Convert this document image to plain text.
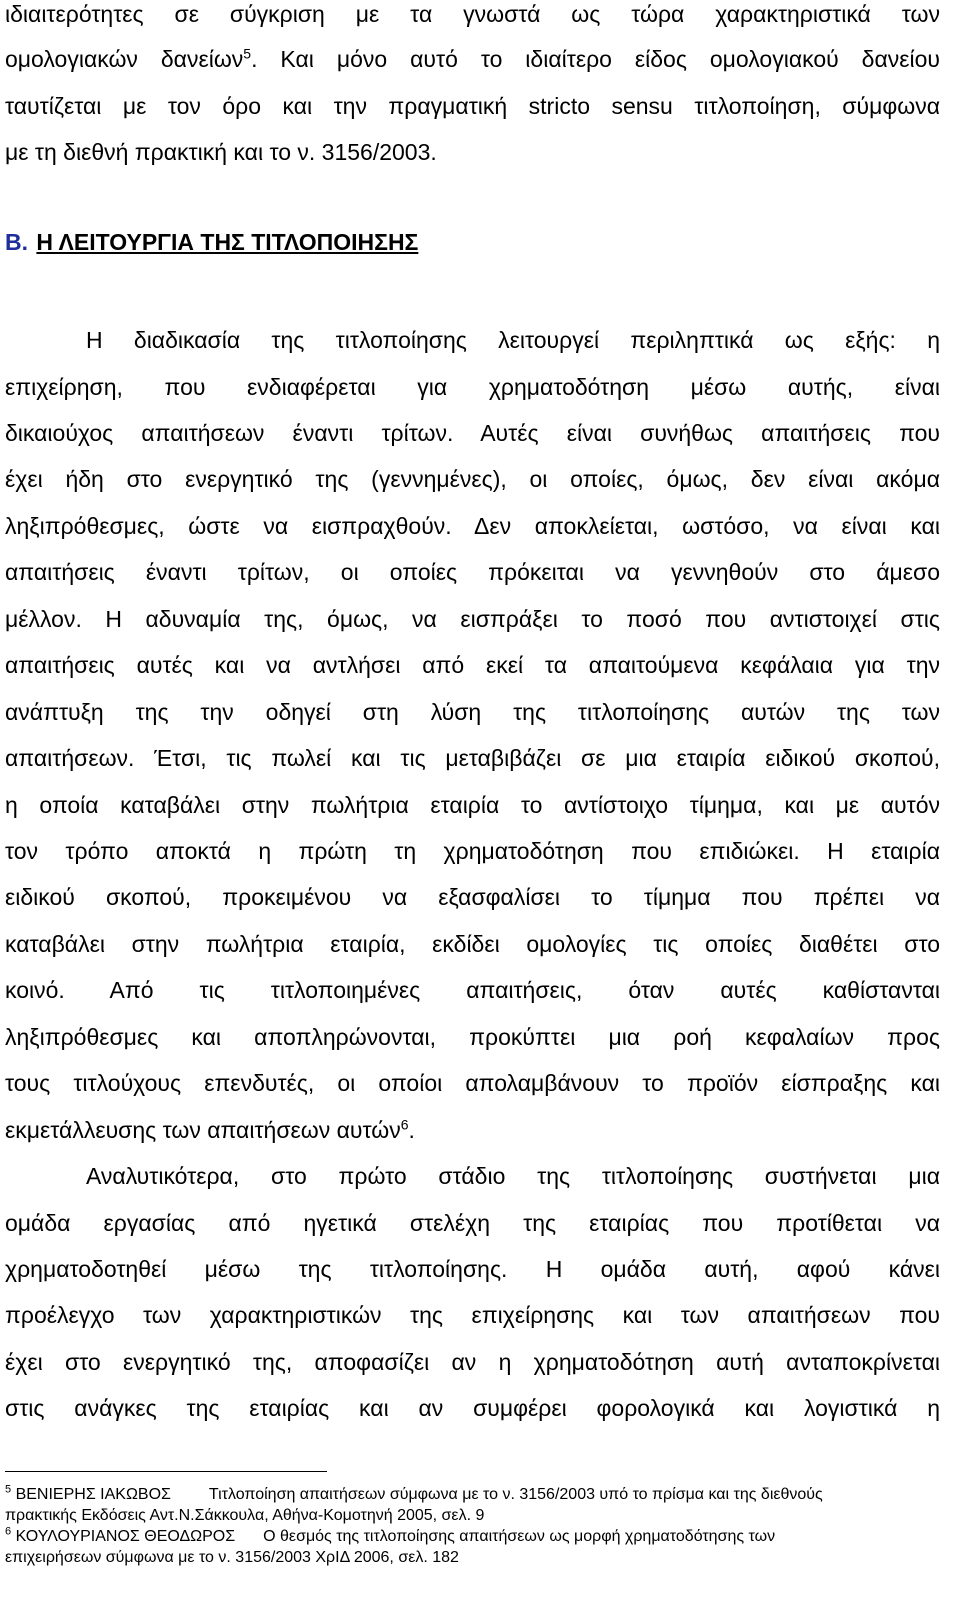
ιδιαιτερότητες σε σύγκριση με τα γνωστά ως τώρα χαρακτηριστικά των
ομολογιακών δανείων$^5$. Και μόνο αυτό το ιδιαίτερο είδος ομολογιακού δανείου
ταυτίζεται με τον όρο και την πραγματική stricto sensu τιτλοποίηση, σύμφωνα
με τη διεθνή πρακτική και το ν. 3156/2003.
Β. Η ΛΕΙΤΟΥΡΓΙΑ ΤΗΣ ΤΙΤΛΟΠΟΙΗΣΗΣ
Η διαδικασία της τιτλοποίησης λειτουργεί περιληπτικά ως εξής: η
επιχείρηση, που ενδιαφέρεται για χρηματοδότηση μέσω αυτής, είναι
δικαιούχος απαιτήσεων έναντι τρίτων. Αυτές είναι συνήθως απαιτήσεις που
έχει ήδη στο ενεργητικό της (γεννημένες), οι οποίες, όμως, δεν είναι ακόμα
ληξιπρόθεσμες, ώστε να εισπραχθούν. Δεν αποκλείεται, ωστόσο, να είναι και
απαιτήσεις έναντι τρίτων, οι οποίες πρόκειται να γεννηθούν στο άμεσο
μέλλον. Η αδυναμία της, όμως, να εισπράξει το ποσό που αντιστοιχεί στις
απαιτήσεις αυτές και να αντλήσει από εκεί τα απαιτούμενα κεφάλαια για την
ανάπτυξη της την οδηγεί στη λύση της τιτλοποίησης αυτών της των
απαιτήσεων. Έτσι, τις πωλεί και τις μεταβιβάζει σε μια εταιρία ειδικού σκοπού,
η οποία καταβάλει στην πωλήτρια εταιρία το αντίστοιχο τίμημα, και με αυτόν
τον τρόπο αποκτά η πρώτη τη χρηματοδότηση που επιδιώκει. Η εταιρία
ειδικού σκοπού, προκειμένου να εξασφαλίσει το τίμημα που πρέπει να
καταβάλει στην πωλήτρια εταιρία, εκδίδει ομολογίες τις οποίες διαθέτει στο
κοινό. Από τις τιτλοποιημένες απαιτήσεις, όταν αυτές καθίστανται
ληξιπρόθεσμες και αποπληρώνονται, προκύπτει μια ροή κεφαλαίων προς
τους τιτλούχους επενδυτές, οι οποίοι απολαμβάνουν το προϊόν είσπραξης και
εκμετάλλευσης των απαιτήσεων αυτών$^6$.
Αναλυτικότερα, στο πρώτο στάδιο της τιτλοποίησης συστήνεται μια
ομάδα εργασίας από ηγετικά στελέχη της εταιρίας που προτίθεται να
χρηματοδοτηθεί μέσω της τιτλοποίησης. Η ομάδα αυτή, αφού κάνει
προέλεγχο των χαρακτηριστικών της επιχείρησης και των απαιτήσεων που
έχει στο ενεργητικό της, αποφασίζει αν η χρηματοδότηση αυτή ανταποκρίνεται
στις ανάγκες της εταιρίας και αν συμφέρει φορολογικά και λογιστικά η
$^5$ ΒΕΝΙΕΡΗΣ ΙΑΚΩΒΟΣ Τιτλοποίηση απαιτήσεων σύμφωνα με το ν. 3156/2003 υπό το πρίσμα και της διεθνούς
πρακτικής Εκδόσεις Αντ.Ν.Σάκκουλα, Αθήνα-Κομοτηνή 2005, σελ. 9
$^6$ ΚΟΥΛΟΥΡΙΑΝΟΣ ΘΕΟΔΩΡΟΣ Ο θεσμός της τιτλοποίησης απαιτήσεων ως μορφή χρηματοδότησης των
επιχειρήσεων σύμφωνα με το ν. 3156/2003 ΧρΙΔ 2006, σελ. 182
